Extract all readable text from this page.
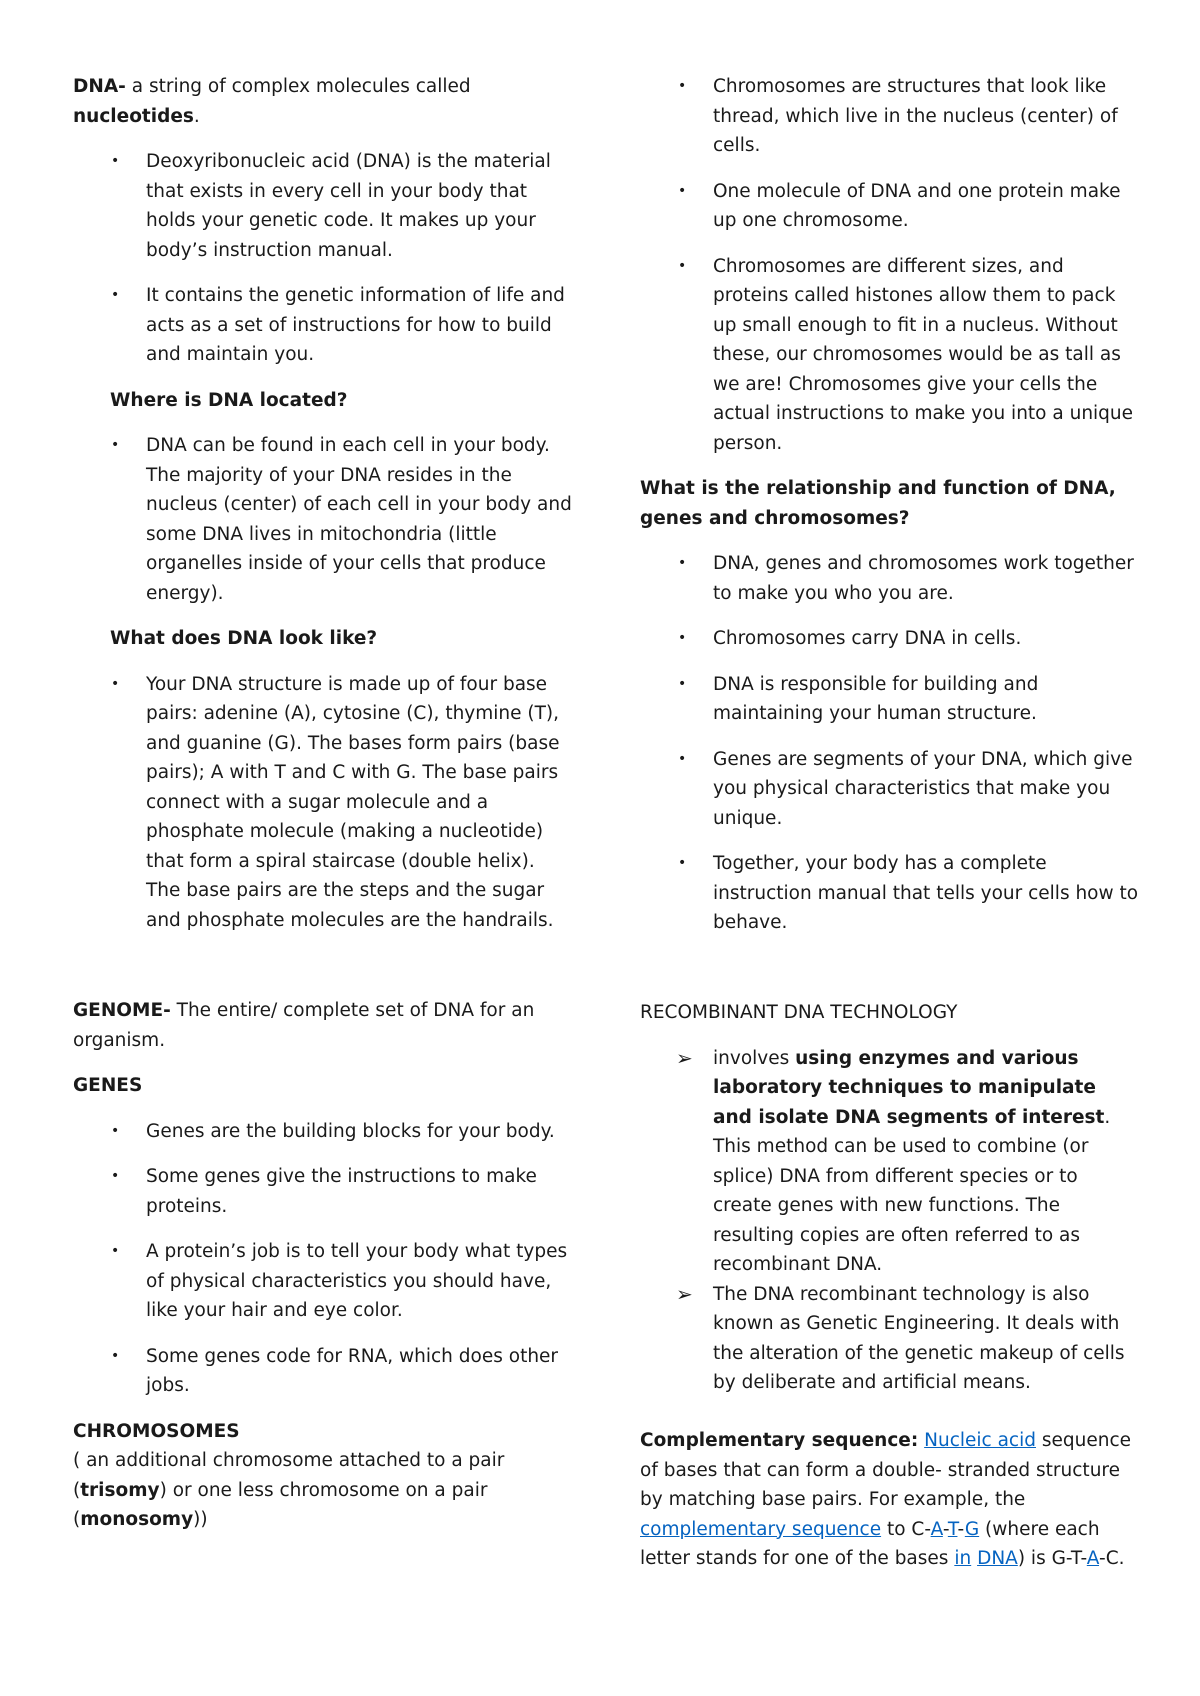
DNA- a string of complex molecules called nucleotides.

• Deoxyribonucleic acid (DNA) is the material that exists in every cell in your body that holds your genetic code. It makes up your body’s instruction manual.
• It contains the genetic information of life and acts as a set of instructions for how to build and maintain you.

Where is DNA located?

• DNA can be found in each cell in your body. The majority of your DNA resides in the nucleus (center) of each cell in your body and some DNA lives in mitochondria (little organelles inside of your cells that produce energy).

What does DNA look like?

• Your DNA structure is made up of four base pairs: adenine (A), cytosine (C), thymine (T), and guanine (G). The bases form pairs (base pairs); A with T and C with G. The base pairs connect with a sugar molecule and a phosphate molecule (making a nucleotide) that form a spiral staircase (double helix). The base pairs are the steps and the sugar and phosphate molecules are the handrails.

GENOME- The entire/ complete set of DNA for an organism.

GENES

• Genes are the building blocks for your body.
• Some genes give the instructions to make proteins.
• A protein’s job is to tell your body what types of physical characteristics you should have, like your hair and eye color.
• Some genes code for RNA, which does other jobs.

CHROMOSOMES

( an additional chromosome attached to a pair (trisomy) or one less chromosome on a pair (monosomy))

• Chromosomes are structures that look like thread, which live in the nucleus (center) of cells.
• One molecule of DNA and one protein make up one chromosome.
• Chromosomes are different sizes, and proteins called histones allow them to pack up small enough to fit in a nucleus. Without these, our chromosomes would be as tall as we are! Chromosomes give your cells the actual instructions to make you into a unique person.

What is the relationship and function of DNA, genes and chromosomes?

• DNA, genes and chromosomes work together to make you who you are.
• Chromosomes carry DNA in cells.
• DNA is responsible for building and maintaining your human structure.
• Genes are segments of your DNA, which give you physical characteristics that make you unique.
• Together, your body has a complete instruction manual that tells your cells how to behave.

RECOMBINANT DNA TECHNOLOGY

➢ involves using enzymes and various laboratory techniques to manipulate and isolate DNA segments of interest. This method can be used to combine (or splice) DNA from different species or to create genes with new functions. The resulting copies are often referred to as recombinant DNA.
➢ The DNA recombinant technology is also known as Genetic Engineering. It deals with the alteration of the genetic makeup of cells by deliberate and artificial means.

Complementary sequence: Nucleic acid sequence of bases that can form a double- stranded structure by matching base pairs. For example, the complementary sequence to C-A-T-G (where each letter stands for one of the bases in DNA) is G-T-A-C.
